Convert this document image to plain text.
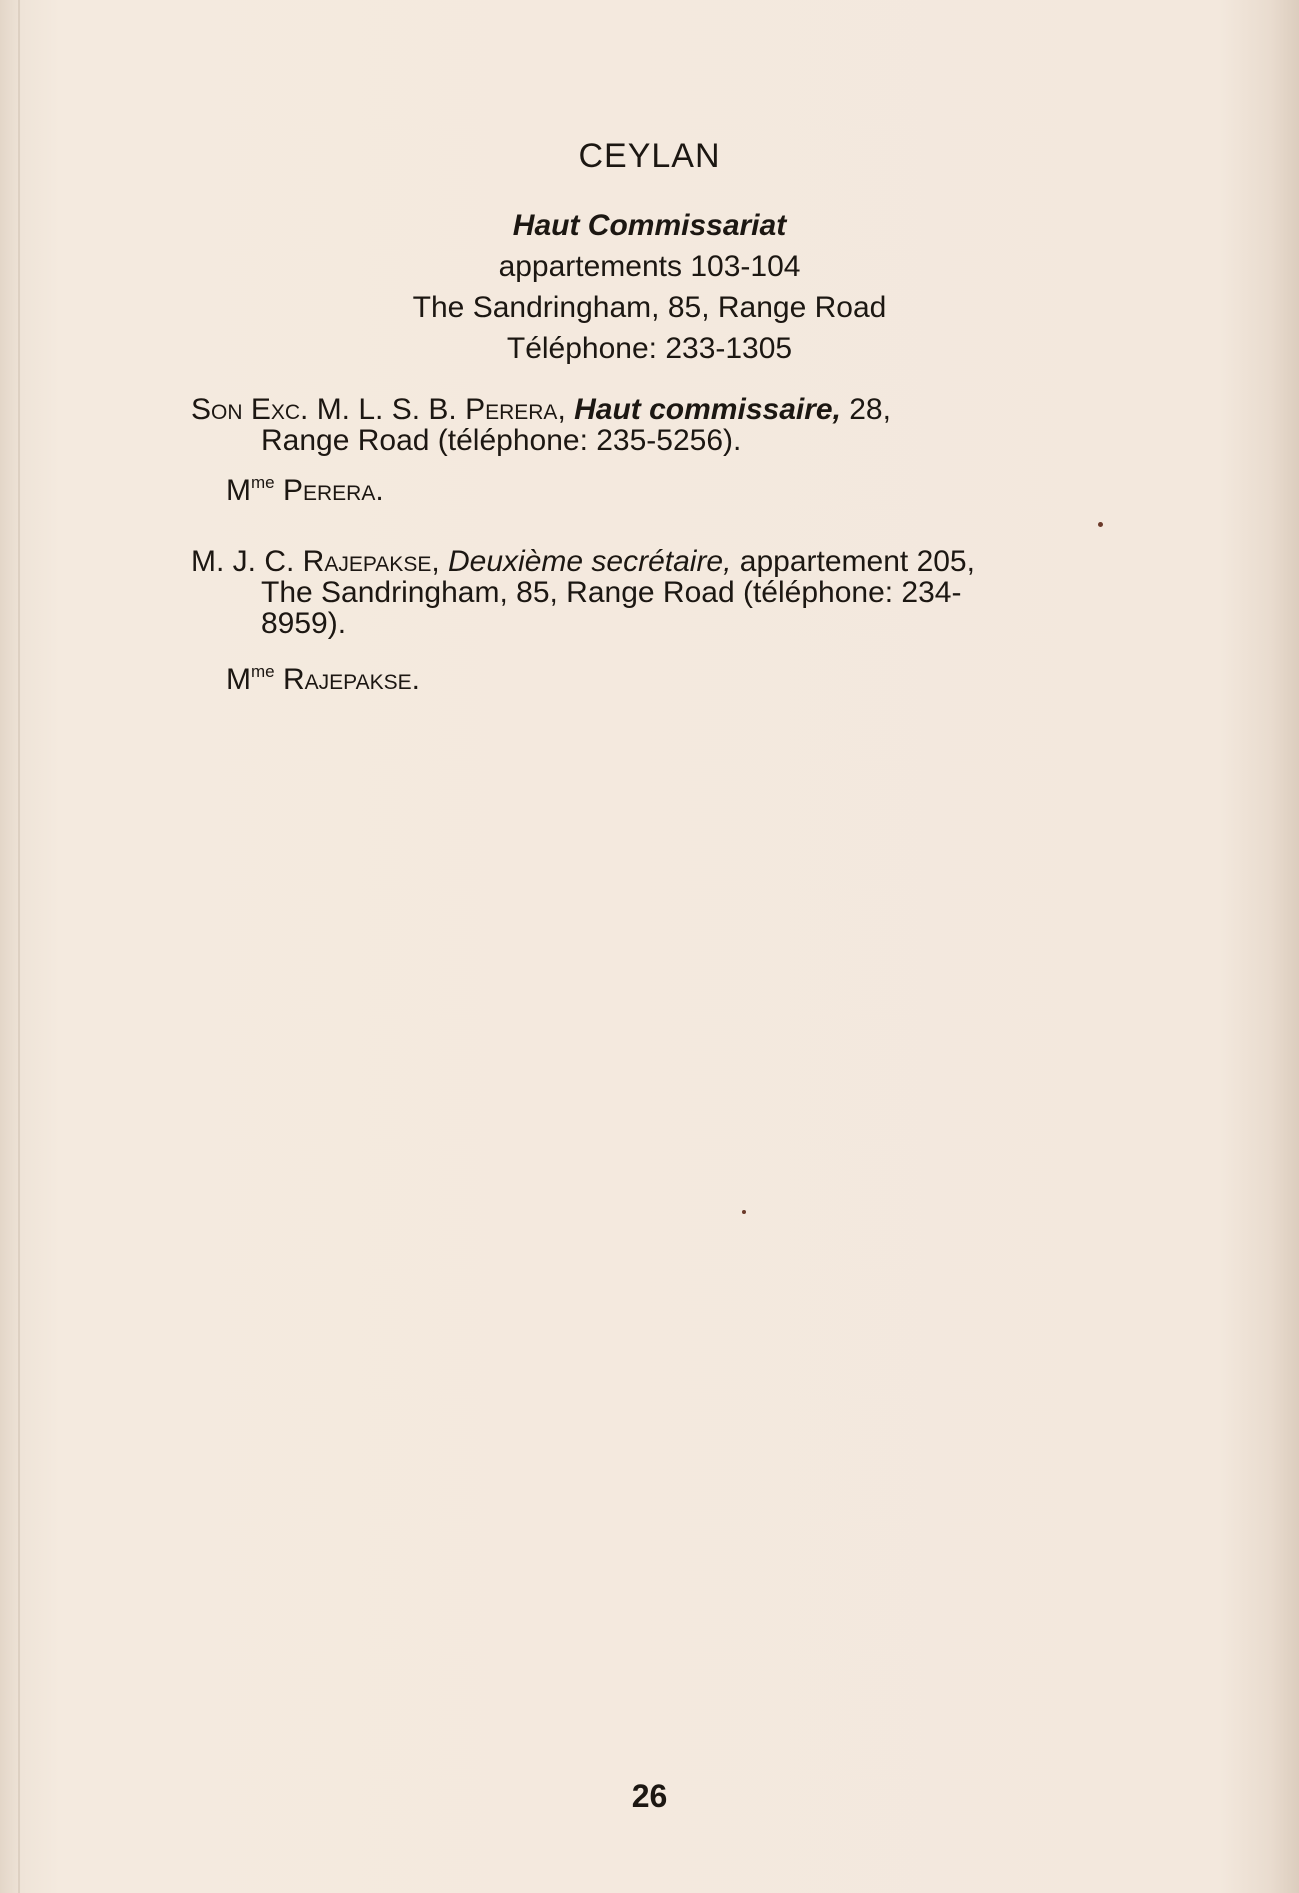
CEYLAN
Haut Commissariat
appartements 103-104
The Sandringham, 85, Range Road
Téléphone: 233-1305
Son Exc. M. L. S. B. Perera, Haut commissaire, 28,
Range Road (téléphone: 235-5256).
$M^{me}$ Perera.
M. J. C. Rajepakse, Deuxième secrétaire, appartement 205,
The Sandringham, 85, Range Road (téléphone: 234-
8959).
$M^{me}$ Rajepakse.
26
